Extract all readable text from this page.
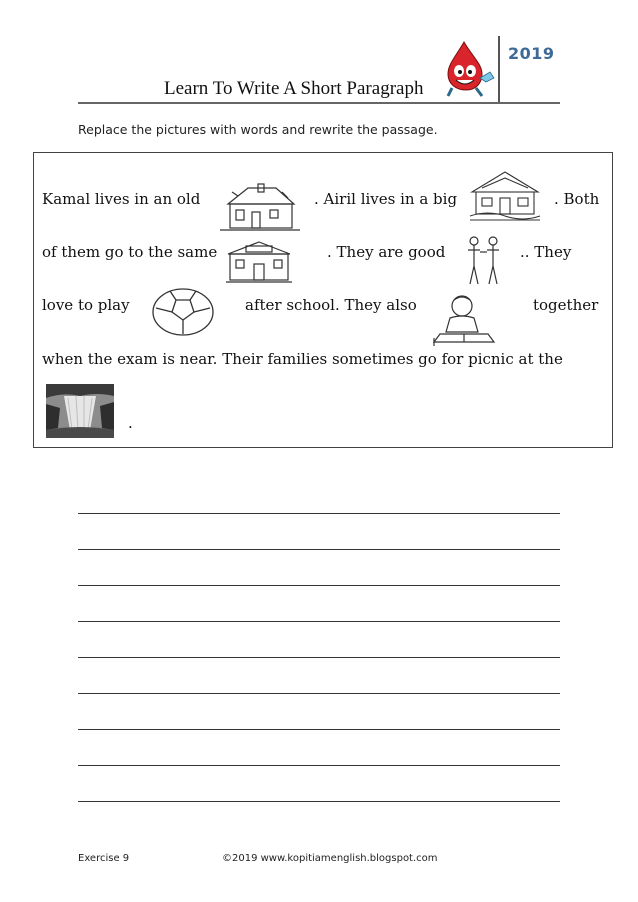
2019
Learn To Write A Short Paragraph
Replace the pictures with words and rewrite the passage.
Kamal lives in an old	. Airil lives in a big	. Both
of them go to the same	. They are good	.. They
love to play	after school. They also	together
when the exam is near. Their families sometimes go for picnic at the
.
Exercise 9	©2019 www.kopitiamenglish.blogspot.com
